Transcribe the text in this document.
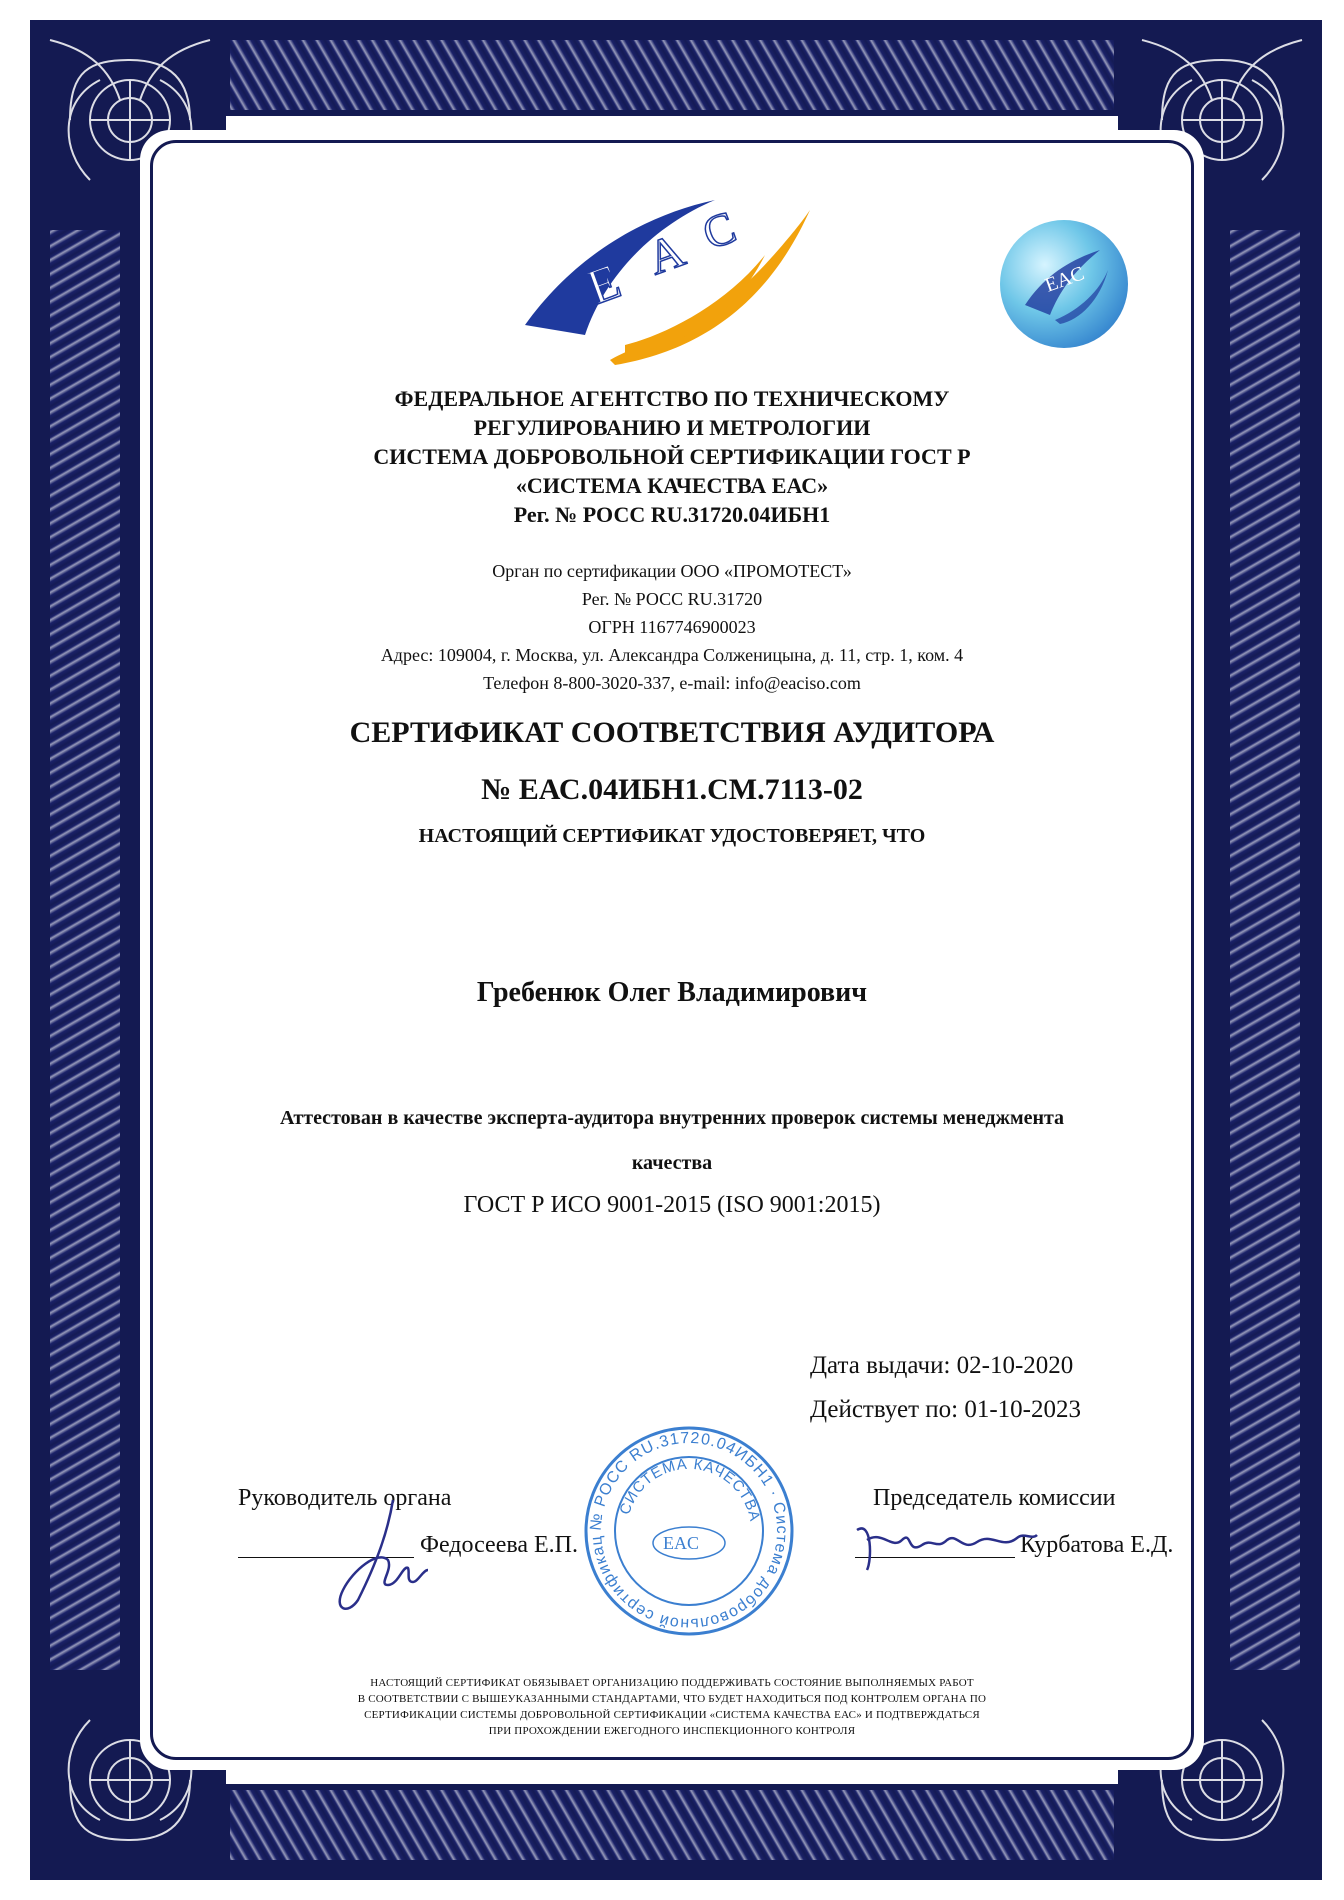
E A C
EAC
ФЕДЕРАЛЬНОЕ АГЕНТСТВО ПО ТЕХНИЧЕСКОМУ
РЕГУЛИРОВАНИЮ И МЕТРОЛОГИИ
СИСТЕМА ДОБРОВОЛЬНОЙ СЕРТИФИКАЦИИ ГОСТ Р
«СИСТЕМА КАЧЕСТВА ЕАС»
Рег. № РОСС RU.31720.04ИБН1
Орган по сертификации ООО «ПРОМОТЕСТ»
Рег. № РОСС RU.31720
ОГРН 1167746900023
Адрес: 109004, г. Москва, ул. Александра Солженицына, д. 11, стр. 1, ком. 4
Телефон 8-800-3020-337, e-mail: info@eaciso.com
СЕРТИФИКАТ СООТВЕТСТВИЯ АУДИТОРА
№ ЕАС.04ИБН1.СМ.7113-02
НАСТОЯЩИЙ СЕРТИФИКАТ УДОСТОВЕРЯЕТ, ЧТО
Гребенюк Олег Владимирович
Аттестован в качестве эксперта-аудитора внутренних проверок системы менеджмента
качества
ГОСТ Р ИСО 9001-2015 (ISO 9001:2015)
Дата выдачи: 02-10-2020
Действует по: 01-10-2023
Руководитель органа
Федосеева Е.П.
Председатель комиссии
Курбатова Е.Д.
№ РОСС RU.31720.04ИБН1 · Система добровольной сертификац
СИСТЕМА КАЧЕСТВА
EAC
НАСТОЯЩИЙ СЕРТИФИКАТ ОБЯЗЫВАЕТ ОРГАНИЗАЦИЮ ПОДДЕРЖИВАТЬ СОСТОЯНИЕ ВЫПОЛНЯЕМЫХ РАБОТ
В СООТВЕТСТВИИ С ВЫШЕУКАЗАННЫМИ СТАНДАРТАМИ, ЧТО БУДЕТ НАХОДИТЬСЯ ПОД КОНТРОЛЕМ ОРГАНА ПО
СЕРТИФИКАЦИИ СИСТЕМЫ ДОБРОВОЛЬНОЙ СЕРТИФИКАЦИИ «СИСТЕМА КАЧЕСТВА ЕАС» И ПОДТВЕРЖДАТЬСЯ
ПРИ ПРОХОЖДЕНИИ ЕЖЕГОДНОГО ИНСПЕКЦИОННОГО КОНТРОЛЯ
